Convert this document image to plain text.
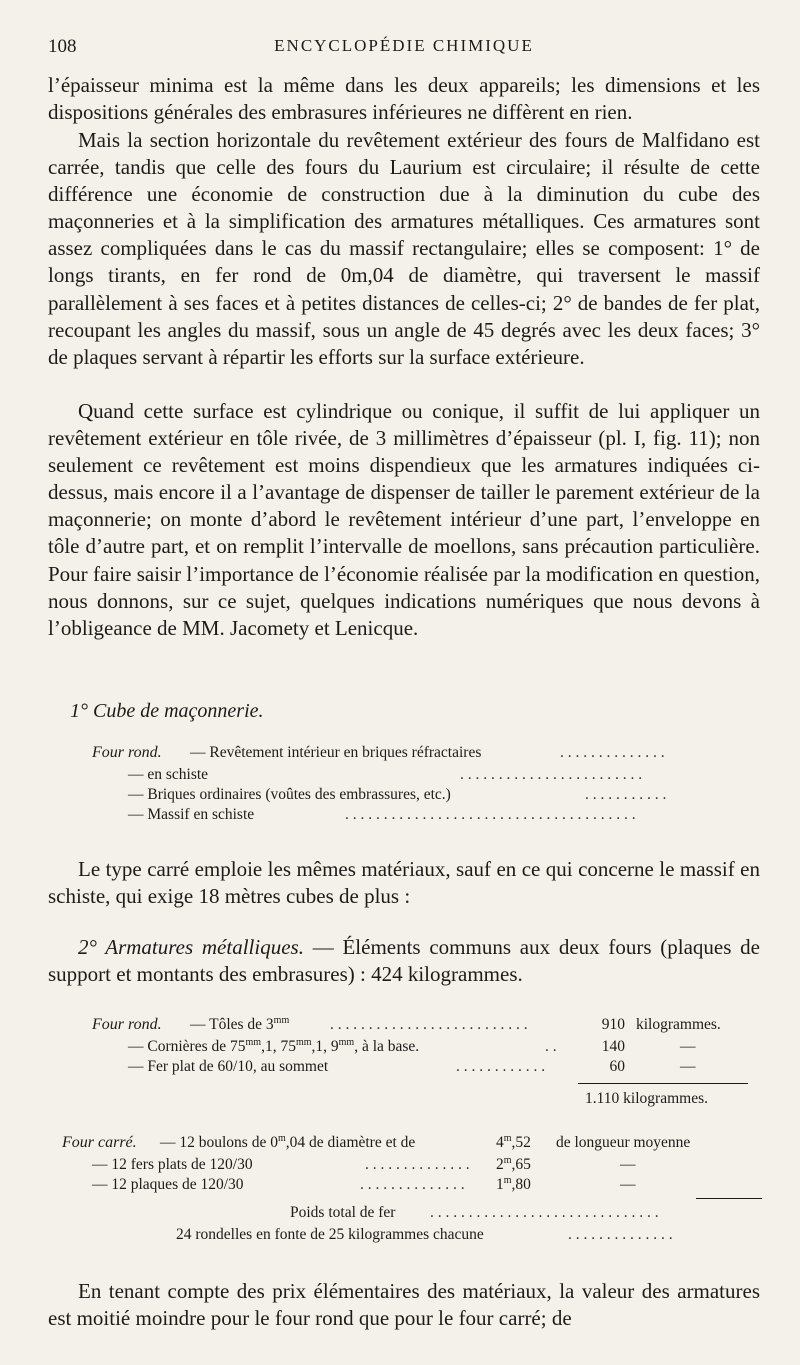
108	ENCYCLOPÉDIE CHIMIQUE
l’épaisseur minima est la même dans les deux appareils; les dimensions et les dispositions générales des embrasures inférieures ne diffèrent en rien.
Mais la section horizontale du revêtement extérieur des fours de Malfidano est carrée, tandis que celle des fours du Laurium est circulaire; il résulte de cette différence une économie de construction due à la diminution du cube des maçonneries et à la simplification des armatures métalliques. Ces armatures sont assez compliquées dans le cas du massif rectangulaire; elles se composent: 1° de longs tirants, en fer rond de 0m,04 de diamètre, qui traversent le massif parallèlement à ses faces et à petites distances de celles-ci; 2° de bandes de fer plat, recoupant les angles du massif, sous un angle de 45 degrés avec les deux faces; 3° de plaques servant à répartir les efforts sur la surface extérieure.
Quand cette surface est cylindrique ou conique, il suffit de lui appliquer un revêtement extérieur en tôle rivée, de 3 millimètres d’épaisseur (pl. I, fig. 11); non seulement ce revêtement est moins dispendieux que les armatures indiquées ci-dessus, mais encore il a l’avantage de dispenser de tailler le parement extérieur de la maçonnerie; on monte d’abord le revêtement intérieur d’une part, l’enveloppe en tôle d’autre part, et on remplit l’intervalle de moellons, sans précaution particulière. Pour faire saisir l’importance de l’économie réalisée par la modification en question, nous donnons, sur ce sujet, quelques indications numériques que nous devons à l’obligeance de MM. Jacomety et Lenicque.
1° Cube de maçonnerie.
Four rond. — Revêtement intérieur en briques réfractaires	. . . . . . . . . . . . . .
— en schiste	. . . . . . . . . . . . . . . . . . . . . . . .
— Briques ordinaires (voûtes des embrassures, etc.)	. . . . . . . . . . .
— Massif en schiste	. . . . . . . . . . . . . . . . . . . . . . . . . . . . . . . . . . . . . .
Le type carré emploie les mêmes matériaux, sauf en ce qui concerne le massif en schiste, qui exige 18 mètres cubes de plus :
2° Armatures métalliques. — Éléments communs aux deux fours (plaques de support et montants des embrasures) : 424 kilogrammes.
Four rond. — Tôles de $3^{mm}$	. . . . . . . . . . . . . . . . . . . . . . . . . .	910 kilogrammes.
— Cornières de $75^{mm},1$, $75^{mm},1$, $9^{mm}$, à la base.	. .	140	—
— Fer plat de 60/10, au sommet	. . . . . . . . . . . .	60	—
1.110 kilogrammes.
Four carré. — 12 boulons de 0$^m$,04 de diamètre et de	4$^m$,52 de longueur moyenne
— 12 fers plats de 120/30	. . . . . . . . . . . . . .	2$^m$,65	—
— 12 plaques de 120/30	. . . . . . . . . . . . . .	1$^m$,80	—
Poids total de fer . . . . . . . . . . . . . . . . . . . . . . . . . . . . . .
24 rondelles en fonte de 25 kilogrammes chacune	. . . . . . . . . . . . . .
En tenant compte des prix élémentaires des matériaux, la valeur des armatures est moitié moindre pour le four rond que pour le four carré; de
